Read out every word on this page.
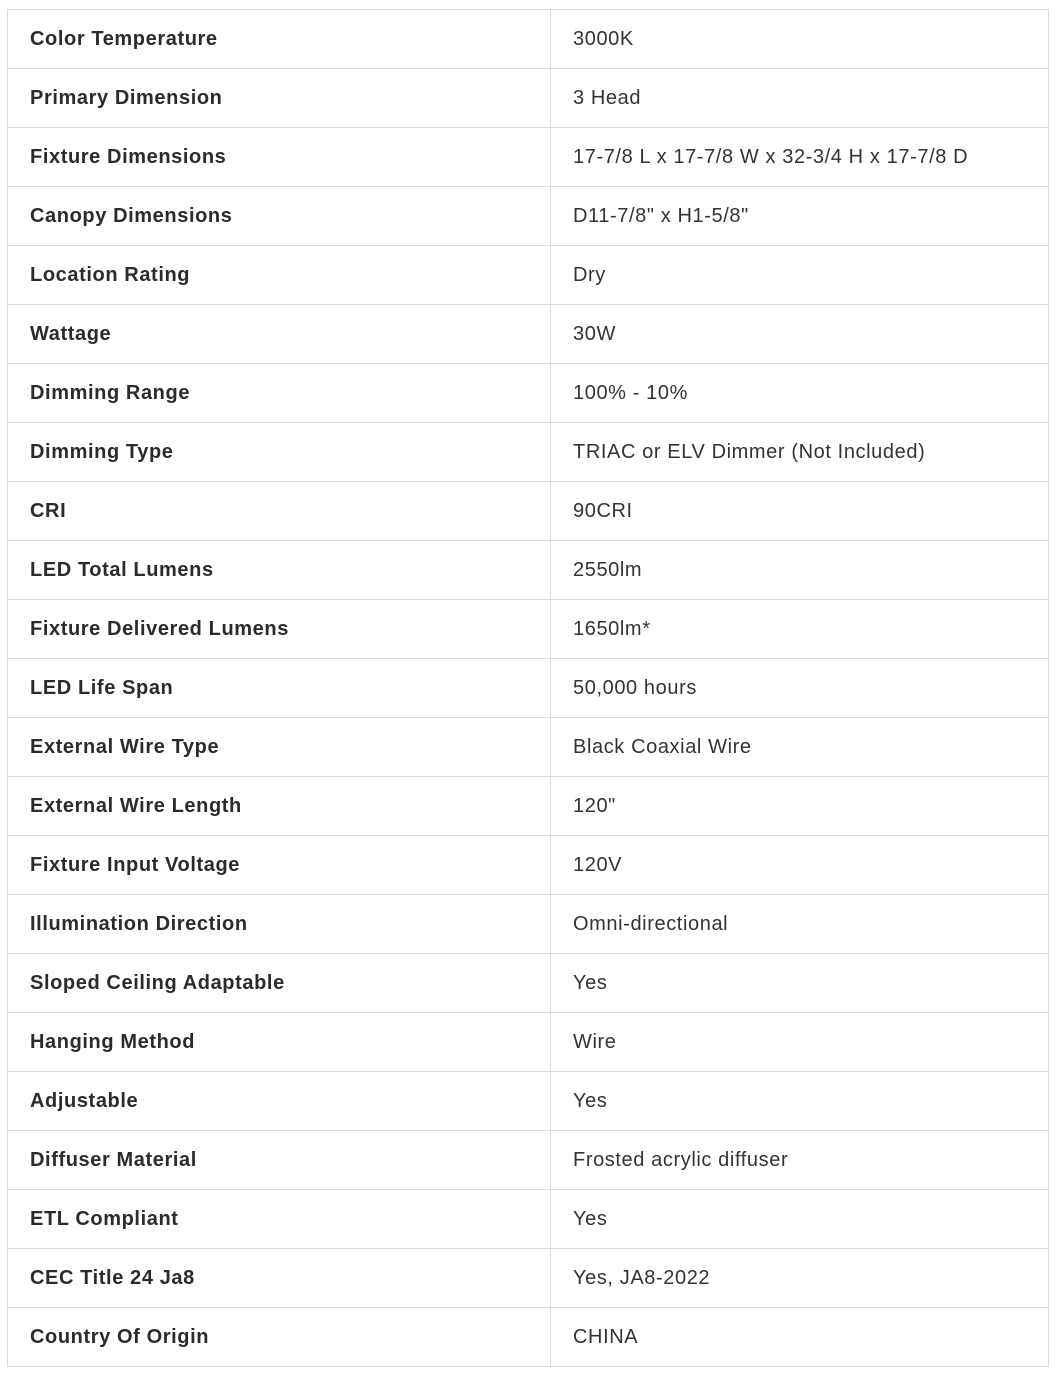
Color Temperature	3000K
Primary Dimension	3 Head
Fixture Dimensions	17-7/8 L x 17-7/8 W x 32-3/4 H x 17-7/8 D
Canopy Dimensions	D11-7/8" x H1-5/8"
Location Rating	Dry
Wattage	30W
Dimming Range	100% - 10%
Dimming Type	TRIAC or ELV Dimmer (Not Included)
CRI	90CRI
LED Total Lumens	2550lm
Fixture Delivered Lumens	1650lm*
LED Life Span	50,000 hours
External Wire Type	Black Coaxial Wire
External Wire Length	120"
Fixture Input Voltage	120V
Illumination Direction	Omni-directional
Sloped Ceiling Adaptable	Yes
Hanging Method	Wire
Adjustable	Yes
Diffuser Material	Frosted acrylic diffuser
ETL Compliant	Yes
CEC Title 24 Ja8	Yes, JA8-2022
Country Of Origin	CHINA
